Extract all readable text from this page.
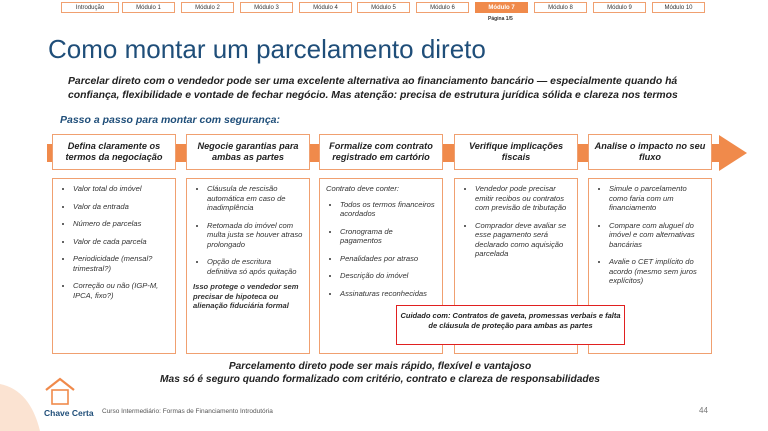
Introdução	Módulo 1	Módulo 2	Módulo 3	Módulo 4	Módulo 5	Módulo 6	Módulo 7	Módulo 8	Módulo 9	Módulo 10
Página 1/5
Como montar um parcelamento direto
Parcelar direto com o vendedor pode ser uma excelente alternativa ao financiamento bancário — especialmente quando há confiança, flexibilidade e vontade de fechar negócio. Mas atenção: precisa de estrutura jurídica sólida e clareza nos termos
Passo a passo para montar com segurança:
Defina claramente os termos da negociação
Negocie garantias para ambas as partes
Formalize com contrato registrado em cartório
Verifique implicações fiscais
Analise o impacto no seu fluxo
• Valor total do imóvel
• Valor da entrada
• Número de parcelas
• Valor de cada parcela
• Periodicidade (mensal? trimestral?)
• Correção ou não (IGP-M, IPCA, fixo?)
• Cláusula de rescisão automática em caso de inadimplência
• Retomada do imóvel com multa justa se houver atraso prolongado
• Opção de escritura definitiva só após quitação
Isso protege o vendedor sem precisar de hipoteca ou alienação fiduciária formal
Contrato deve conter:
• Todos os termos financeiros acordados
• Cronograma de pagamentos
• Penalidades por atraso
• Descrição do imóvel
• Assinaturas reconhecidas
• Vendedor pode precisar emitir recibos ou contratos com previsão de tributação
• Comprador deve avaliar se esse pagamento será declarado como aquisição parcelada
• Simule o parcelamento como faria com um financiamento
• Compare com aluguel do imóvel e com alternativas bancárias
• Avalie o CET implícito do acordo (mesmo sem juros explícitos)
Cuidado com: Contratos de gaveta, promessas verbais e falta de cláusula de proteção para ambas as partes
Parcelamento direto pode ser mais rápido, flexível e vantajoso
Mas só é seguro quando formalizado com critério, contrato e clareza de responsabilidades
Chave Certa Curso Intermediário: Formas de Financiamento Introdutória	44
